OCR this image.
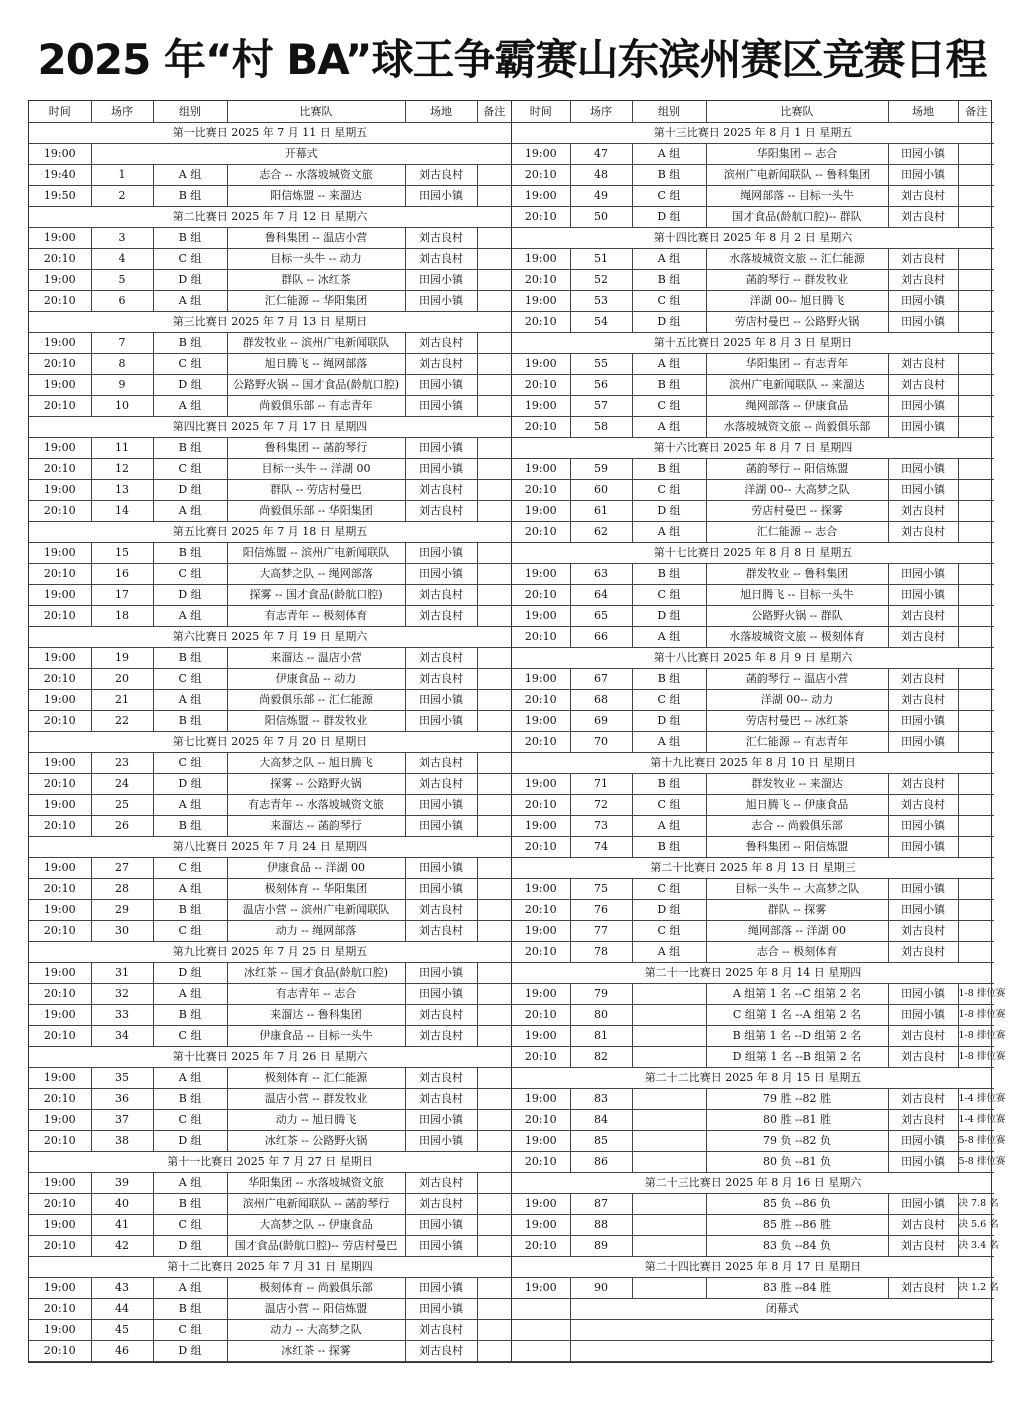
2025 年“村 BA”球王争霸赛山东滨州赛区竞赛日程
时间	场序	组别	比赛队	场地	备注
第一比赛日 2025 年 7 月 11 日 星期五					
19:00	开幕式				
19:40	1	A 组	志合 -- 水落坡城资文旅	刘古良村	
19:50	2	B 组	阳信炼盟 -- 来溜达	田园小镇	
第二比赛日 2025 年 7 月 12 日 星期六					
19:00	3	B 组	鲁科集团 -- 温店小营	刘古良村	
20:10	4	C 组	目标一头牛 -- 动力	刘古良村	
19:00	5	D 组	群队 -- 冰红茶	田园小镇	
20:10	6	A 组	汇仁能源 -- 华阳集团	田园小镇	
第三比赛日 2025 年 7 月 13 日 星期日					
19:00	7	B 组	群发牧业 -- 滨州广电新闻联队	刘古良村	
20:10	8	C 组	旭日腾飞 -- 绳网部落	刘古良村	
19:00	9	D 组	公路野火锅 -- 国才食品(龄航口腔)	田园小镇	
20:10	10	A 组	尚毅俱乐部 -- 有志青年	田园小镇	
第四比赛日 2025 年 7 月 17 日 星期四					
19:00	11	B 组	鲁科集团 -- 菡韵琴行	田园小镇	
20:10	12	C 组	目标一头牛 -- 洋湖 00	田园小镇	
19:00	13	D 组	群队 -- 劳店村曼巴	刘古良村	
20:10	14	A 组	尚毅俱乐部 -- 华阳集团	刘古良村	
第五比赛日 2025 年 7 月 18 日 星期五					
19:00	15	B 组	阳信炼盟 -- 滨州广电新闻联队	田园小镇	
20:10	16	C 组	大高梦之队 -- 绳网部落	田园小镇	
19:00	17	D 组	探雾 -- 国才食品(龄航口腔)	刘古良村	
20:10	18	A 组	有志青年 -- 极刻体育	刘古良村	
第六比赛日 2025 年 7 月 19 日 星期六					
19:00	19	B 组	来溜达 -- 温店小营	刘古良村	
20:10	20	C 组	伊康食品 -- 动力	刘古良村	
19:00	21	A 组	尚毅俱乐部 -- 汇仁能源	田园小镇	
20:10	22	B 组	阳信炼盟 -- 群发牧业	田园小镇	
第七比赛日 2025 年 7 月 20 日 星期日					
19:00	23	C 组	大高梦之队 -- 旭日腾飞	刘古良村	
20:10	24	D 组	探雾 -- 公路野火锅	刘古良村	
19:00	25	A 组	有志青年 -- 水落坡城资文旅	田园小镇	
20:10	26	B 组	来溜达 -- 菡韵琴行	田园小镇	
第八比赛日 2025 年 7 月 24 日 星期四					
19:00	27	C 组	伊康食品 -- 洋湖 00	田园小镇	
20:10	28	A 组	极刻体育 -- 华阳集团	田园小镇	
19:00	29	B 组	温店小营 -- 滨州广电新闻联队	刘古良村	
20:10	30	C 组	动力 -- 绳网部落	刘古良村	
第九比赛日 2025 年 7 月 25 日 星期五					
19:00	31	D 组	冰红茶 -- 国才食品(龄航口腔)	田园小镇	
20:10	32	A 组	有志青年 -- 志合	田园小镇	
19:00	33	B 组	来溜达 -- 鲁科集团	刘古良村	
20:10	34	C 组	伊康食品 -- 目标一头牛	刘古良村	
第十比赛日 2025 年 7 月 26 日 星期六					
19:00	35	A 组	极刻体育 -- 汇仁能源	刘古良村	
20:10	36	B 组	温店小营 -- 群发牧业	刘古良村	
19:00	37	C 组	动力 -- 旭日腾飞	田园小镇	
20:10	38	D 组	冰红茶 -- 公路野火锅	田园小镇	
第十一比赛日 2025 年 7 月 27 日 星期日					
19:00	39	A 组	华阳集团 -- 水落坡城资文旅	刘古良村	
20:10	40	B 组	滨州广电新闻联队 -- 菡韵琴行	刘古良村	
19:00	41	C 组	大高梦之队 -- 伊康食品	田园小镇	
20:10	42	D 组	国才食品(龄航口腔)-- 劳店村曼巴	田园小镇	
第十二比赛日 2025 年 7 月 31 日 星期四					
19:00	43	A 组	极刻体育 -- 尚毅俱乐部	田园小镇	
20:10	44	B 组	温店小营 -- 阳信炼盟	田园小镇	
19:00	45	C 组	动力 -- 大高梦之队	刘古良村	
20:10	46	D 组	冰红茶 -- 探雾	刘古良村	
时间	场序	组别	比赛队	场地	备注
第十三比赛日 2025 年 8 月 1 日 星期五					
19:00	47	A 组	华阳集团 -- 志合	田园小镇	
20:10	48	B 组	滨州广电新闻联队 -- 鲁科集团	田园小镇	
19:00	49	C 组	绳网部落 -- 目标一头牛	刘古良村	
20:10	50	D 组	国才食品(龄航口腔)-- 群队	刘古良村	
第十四比赛日 2025 年 8 月 2 日 星期六					
19:00	51	A 组	水落坡城资文旅 -- 汇仁能源	刘古良村	
20:10	52	B 组	菡韵琴行 -- 群发牧业	刘古良村	
19:00	53	C 组	洋湖 00-- 旭日腾飞	田园小镇	
20:10	54	D 组	劳店村曼巴 -- 公路野火锅	田园小镇	
第十五比赛日 2025 年 8 月 3 日 星期日					
19:00	55	A 组	华阳集团 -- 有志青年	刘古良村	
20:10	56	B 组	滨州广电新闻联队 -- 来溜达	刘古良村	
19:00	57	C 组	绳网部落 -- 伊康食品	田园小镇	
20:10	58	A 组	水落坡城资文旅 -- 尚毅俱乐部	田园小镇	
第十六比赛日 2025 年 8 月 7 日 星期四					
19:00	59	B 组	菡韵琴行 -- 阳信炼盟	田园小镇	
20:10	60	C 组	洋湖 00-- 大高梦之队	田园小镇	
19:00	61	D 组	劳店村曼巴 -- 探雾	刘古良村	
20:10	62	A 组	汇仁能源 -- 志合	刘古良村	
第十七比赛日 2025 年 8 月 8 日 星期五					
19:00	63	B 组	群发牧业 -- 鲁科集团	田园小镇	
20:10	64	C 组	旭日腾飞 -- 目标一头牛	田园小镇	
19:00	65	D 组	公路野火锅 -- 群队	刘古良村	
20:10	66	A 组	水落坡城资文旅 -- 极刻体育	刘古良村	
第十八比赛日 2025 年 8 月 9 日 星期六					
19:00	67	B 组	菡韵琴行 -- 温店小营	刘古良村	
20:10	68	C 组	洋湖 00-- 动力	刘古良村	
19:00	69	D 组	劳店村曼巴 -- 冰红茶	田园小镇	
20:10	70	A 组	汇仁能源 -- 有志青年	田园小镇	
第十九比赛日 2025 年 8 月 10 日 星期日					
19:00	71	B 组	群发牧业 -- 来溜达	刘古良村	
20:10	72	C 组	旭日腾飞 -- 伊康食品	刘古良村	
19:00	73	A 组	志合 -- 尚毅俱乐部	田园小镇	
20:10	74	B 组	鲁科集团 -- 阳信炼盟	田园小镇	
第二十比赛日 2025 年 8 月 13 日 星期三					
19:00	75	C 组	目标一头牛 -- 大高梦之队	田园小镇	
20:10	76	D 组	群队 -- 探雾	田园小镇	
19:00	77	C 组	绳网部落 -- 洋湖 00	刘古良村	
20:10	78	A 组	志合 -- 极刻体育	刘古良村	
第二十一比赛日 2025 年 8 月 14 日 星期四					
19:00	79		A 组第 1 名 --C 组第 2 名	田园小镇	1-8 排位赛
20:10	80		C 组第 1 名 --A 组第 2 名	田园小镇	1-8 排位赛
19:00	81		B 组第 1 名 --D 组第 2 名	刘古良村	1-8 排位赛
20:10	82		D 组第 1 名 --B 组第 2 名	刘古良村	1-8 排位赛
第二十二比赛日 2025 年 8 月 15 日 星期五					
19:00	83		79 胜 --82 胜	刘古良村	1-4 排位赛
20:10	84		80 胜 --81 胜	刘古良村	1-4 排位赛
19:00	85		79 负 --82 负	田园小镇	5-8 排位赛
20:10	86		80 负 --81 负	田园小镇	5-8 排位赛
第二十三比赛日 2025 年 8 月 16 日 星期六					
19:00	87		85 负 --86 负	田园小镇	决 7.8 名
19:00	88		85 胜 --86 胜	刘古良村	决 5.6 名
20:10	89		83 负 --84 负	刘古良村	决 3.4 名
第二十四比赛日 2025 年 8 月 17 日 星期日					
19:00	90		83 胜 --84 胜	刘古良村	决 1.2 名
	闭幕式				
